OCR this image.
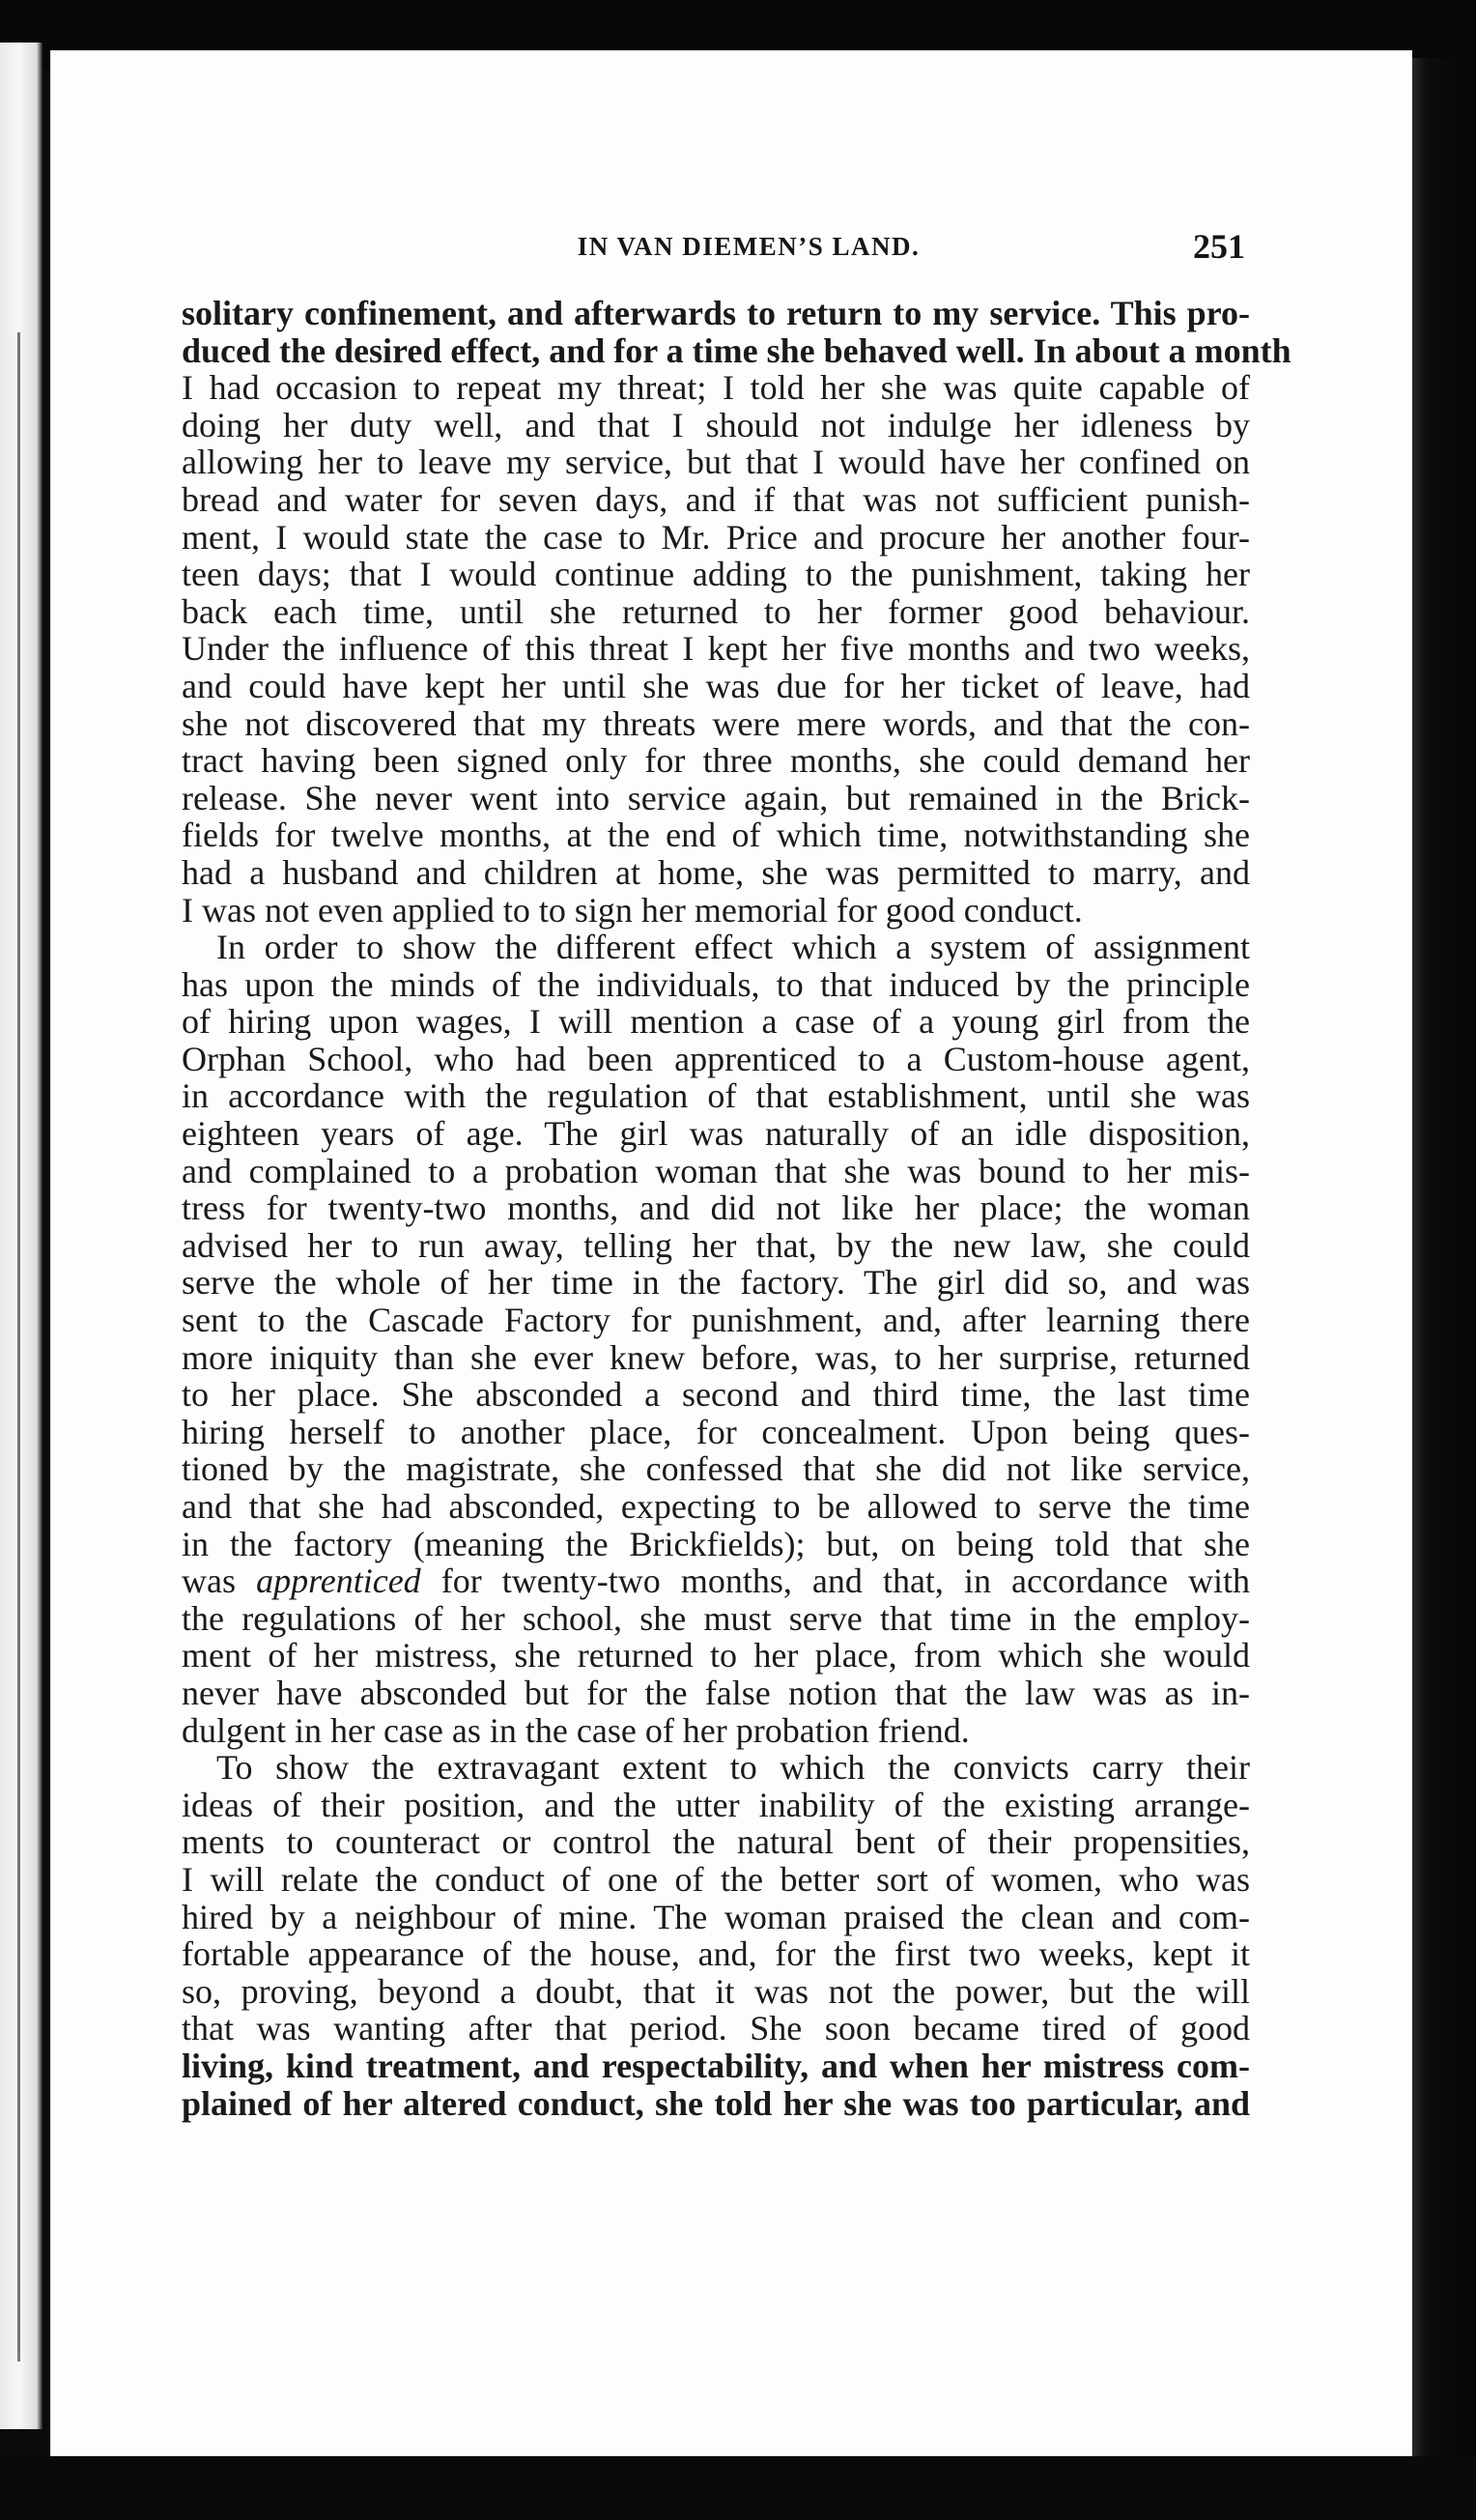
IN VAN DIEMEN’S LAND.	251
solitary confinement, and afterwards to return to my service. This pro-
duced the desired effect, and for a time she behaved well. In about a month
I had occasion to repeat my threat; I told her she was quite capable of
doing her duty well, and that I should not indulge her idleness by
allowing her to leave my service, but that I would have her confined on
bread and water for seven days, and if that was not sufficient punish-
ment, I would state the case to Mr. Price and procure her another four-
teen days; that I would continue adding to the punishment, taking her
back each time, until she returned to her former good behaviour.
Under the influence of this threat I kept her five months and two weeks,
and could have kept her until she was due for her ticket of leave, had
she not discovered that my threats were mere words, and that the con-
tract having been signed only for three months, she could demand her
release. She never went into service again, but remained in the Brick-
fields for twelve months, at the end of which time, notwithstanding she
had a husband and children at home, she was permitted to marry, and
I was not even applied to to sign her memorial for good conduct.
In order to show the different effect which a system of assignment
has upon the minds of the individuals, to that induced by the principle
of hiring upon wages, I will mention a case of a young girl from the
Orphan School, who had been apprenticed to a Custom-house agent,
in accordance with the regulation of that establishment, until she was
eighteen years of age. The girl was naturally of an idle disposition,
and complained to a probation woman that she was bound to her mis-
tress for twenty-two months, and did not like her place; the woman
advised her to run away, telling her that, by the new law, she could
serve the whole of her time in the factory. The girl did so, and was
sent to the Cascade Factory for punishment, and, after learning there
more iniquity than she ever knew before, was, to her surprise, returned
to her place. She absconded a second and third time, the last time
hiring herself to another place, for concealment. Upon being ques-
tioned by the magistrate, she confessed that she did not like service,
and that she had absconded, expecting to be allowed to serve the time
in the factory (meaning the Brickfields); but, on being told that she
was apprenticed for twenty-two months, and that, in accordance with
the regulations of her school, she must serve that time in the employ-
ment of her mistress, she returned to her place, from which she would
never have absconded but for the false notion that the law was as in-
dulgent in her case as in the case of her probation friend.
To show the extravagant extent to which the convicts carry their
ideas of their position, and the utter inability of the existing arrange-
ments to counteract or control the natural bent of their propensities,
I will relate the conduct of one of the better sort of women, who was
hired by a neighbour of mine. The woman praised the clean and com-
fortable appearance of the house, and, for the first two weeks, kept it
so, proving, beyond a doubt, that it was not the power, but the will
that was wanting after that period. She soon became tired of good
living, kind treatment, and respectability, and when her mistress com-
plained of her altered conduct, she told her she was too particular, and
